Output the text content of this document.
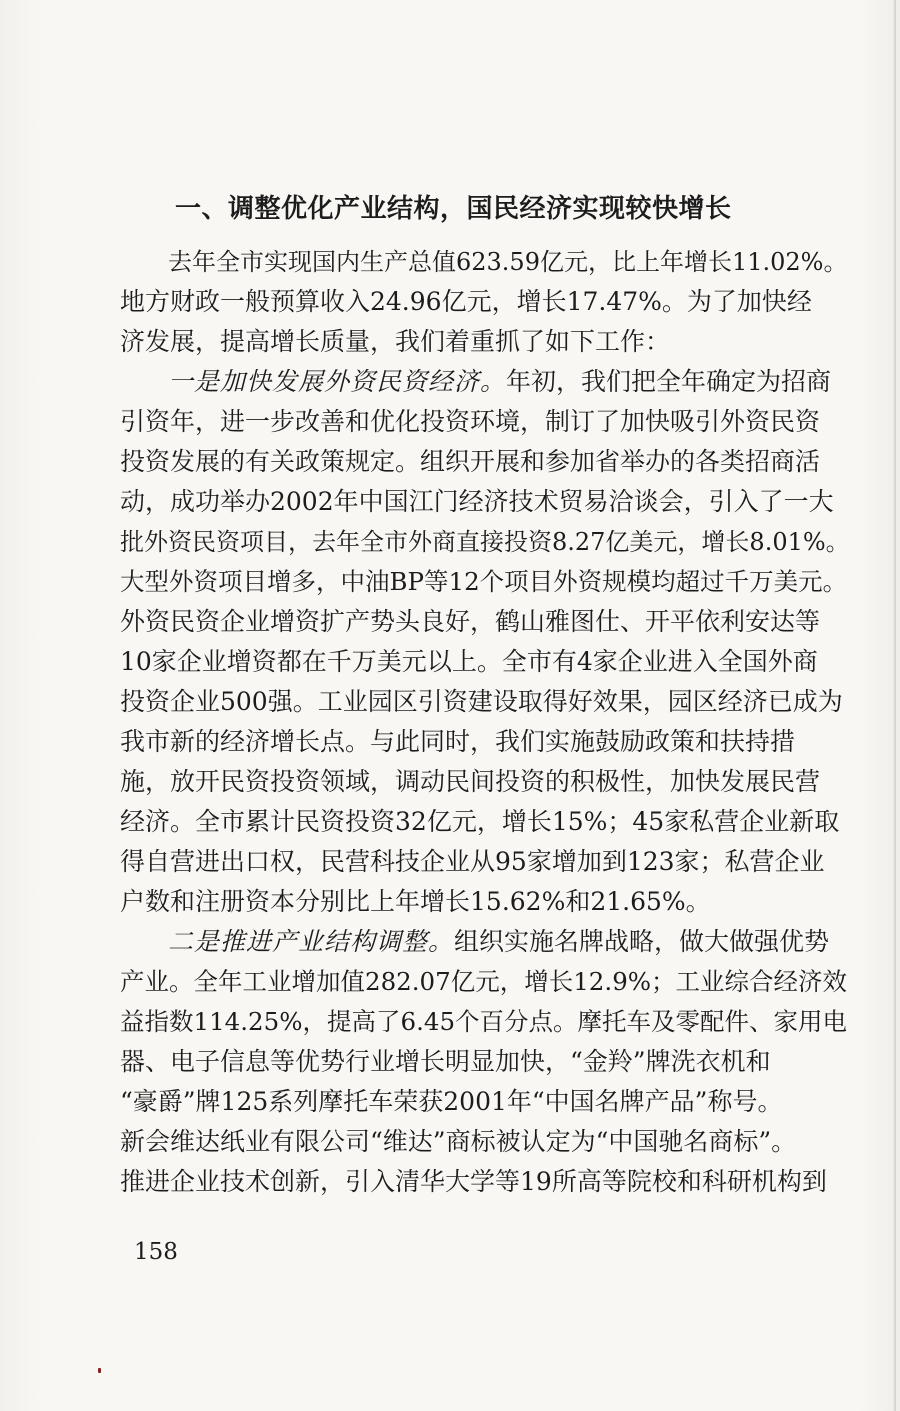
一、调整优化产业结构，国民经济实现较快增长
去年全市实现国内生产总值623.59亿元，比上年增长11.02%。
地方财政一般预算收入24.96亿元，增长17.47%。为了加快经
济发展，提高增长质量，我们着重抓了如下工作：
一是加快发展外资民资经济。年初，我们把全年确定为招商
引资年，进一步改善和优化投资环境，制订了加快吸引外资民资
投资发展的有关政策规定。组织开展和参加省举办的各类招商活
动，成功举办2002年中国江门经济技术贸易洽谈会，引入了一大
批外资民资项目，去年全市外商直接投资8.27亿美元，增长8.01%。
大型外资项目增多，中油BP等12个项目外资规模均超过千万美元。
外资民资企业增资扩产势头良好，鹤山雅图仕、开平依利安达等
10家企业增资都在千万美元以上。全市有4家企业进入全国外商
投资企业500强。工业园区引资建设取得好效果，园区经济已成为
我市新的经济增长点。与此同时，我们实施鼓励政策和扶持措
施，放开民资投资领域，调动民间投资的积极性，加快发展民营
经济。全市累计民资投资32亿元，增长15%；45家私营企业新取
得自营进出口权，民营科技企业从95家增加到123家；私营企业
户数和注册资本分别比上年增长15.62%和21.65%。
二是推进产业结构调整。组织实施名牌战略，做大做强优势
产业。全年工业增加值282.07亿元，增长12.9%；工业综合经济效
益指数114.25%，提高了6.45个百分点。摩托车及零配件、家用电
器、电子信息等优势行业增长明显加快，“金羚”牌洗衣机和
“豪爵”牌125系列摩托车荣获2001年“中国名牌产品”称号。
新会维达纸业有限公司“维达”商标被认定为“中国驰名商标”。
推进企业技术创新，引入清华大学等19所高等院校和科研机构到
158
